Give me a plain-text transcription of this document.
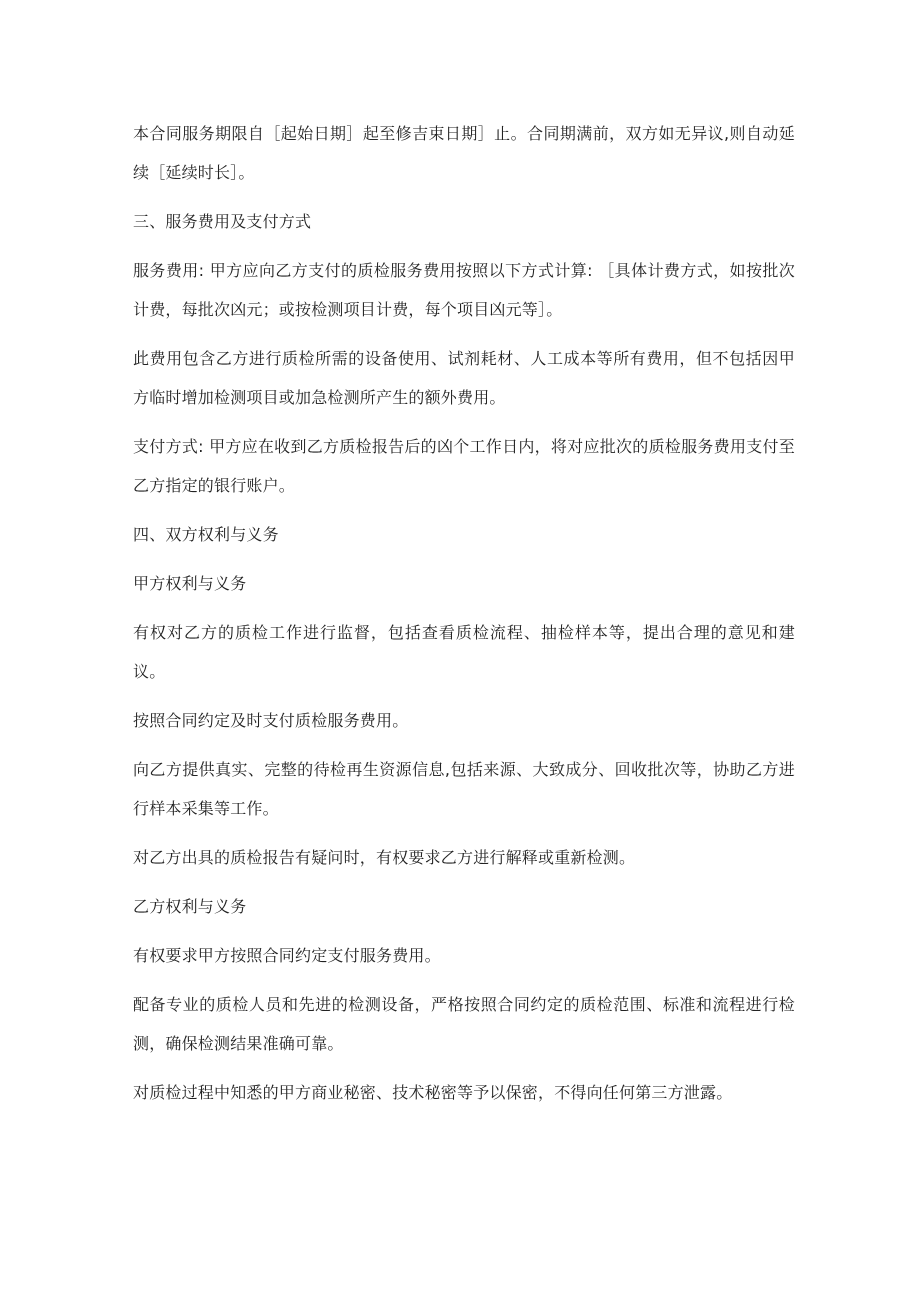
本合同服务期限自［起始日期］起至修吉束日期］止。合同期满前，双方如无异议,则自动延续［延续时长］。

三、服务费用及支付方式

服务费用: 甲方应向乙方支付的质检服务费用按照以下方式计算: ［具体计费方式，如按批次计费，每批次凶元；或按检测项目计费，每个项目凶元等］。

此费用包含乙方进行质检所需的设备使用、试剂耗材、人工成本等所有费用，但不包括因甲方临时增加检测项目或加急检测所产生的额外费用。

支付方式: 甲方应在收到乙方质检报告后的凶个工作日内，将对应批次的质检服务费用支付至乙方指定的银行账户。

四、双方权利与义务

甲方权利与义务

有权对乙方的质检工作进行监督，包括查看质检流程、抽检样本等，提出合理的意见和建议。

按照合同约定及时支付质检服务费用。

向乙方提供真实、完整的待检再生资源信息,包括来源、大致成分、回收批次等，协助乙方进行样本采集等工作。

对乙方出具的质检报告有疑问时，有权要求乙方进行解释或重新检测。

乙方权利与义务

有权要求甲方按照合同约定支付服务费用。

配备专业的质检人员和先进的检测设备，严格按照合同约定的质检范围、标准和流程进行检测，确保检测结果准确可靠。

对质检过程中知悉的甲方商业秘密、技术秘密等予以保密，不得向任何第三方泄露。
